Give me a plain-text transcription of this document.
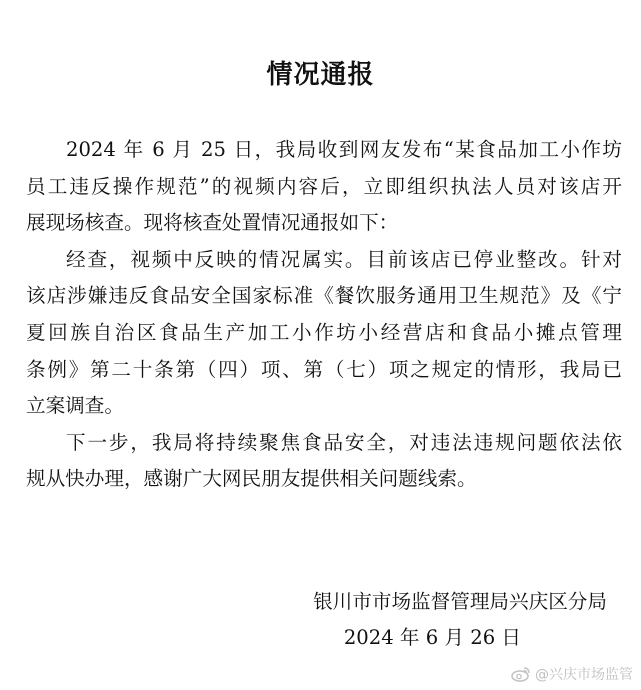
情况通报
2024 年 6 月 25 日，我局收到网友发布“某食品加工小作坊
员工违反操作规范”的视频内容后，立即组织执法人员对该店开
展现场核查。现将核查处置情况通报如下：
经查，视频中反映的情况属实。目前该店已停业整改。针对
该店涉嫌违反食品安全国家标准《餐饮服务通用卫生规范》及《宁
夏回族自治区食品生产加工小作坊小经营店和食品小摊点管理
条例》第二十条第（四）项、第（七）项之规定的情形，我局已
立案调查。
下一步，我局将持续聚焦食品安全，对违法违规问题依法依
规从快办理，感谢广大网民朋友提供相关问题线索。
银川市市场监督管理局兴庆区分局
2024 年 6 月 26 日
@兴庆市场监管
